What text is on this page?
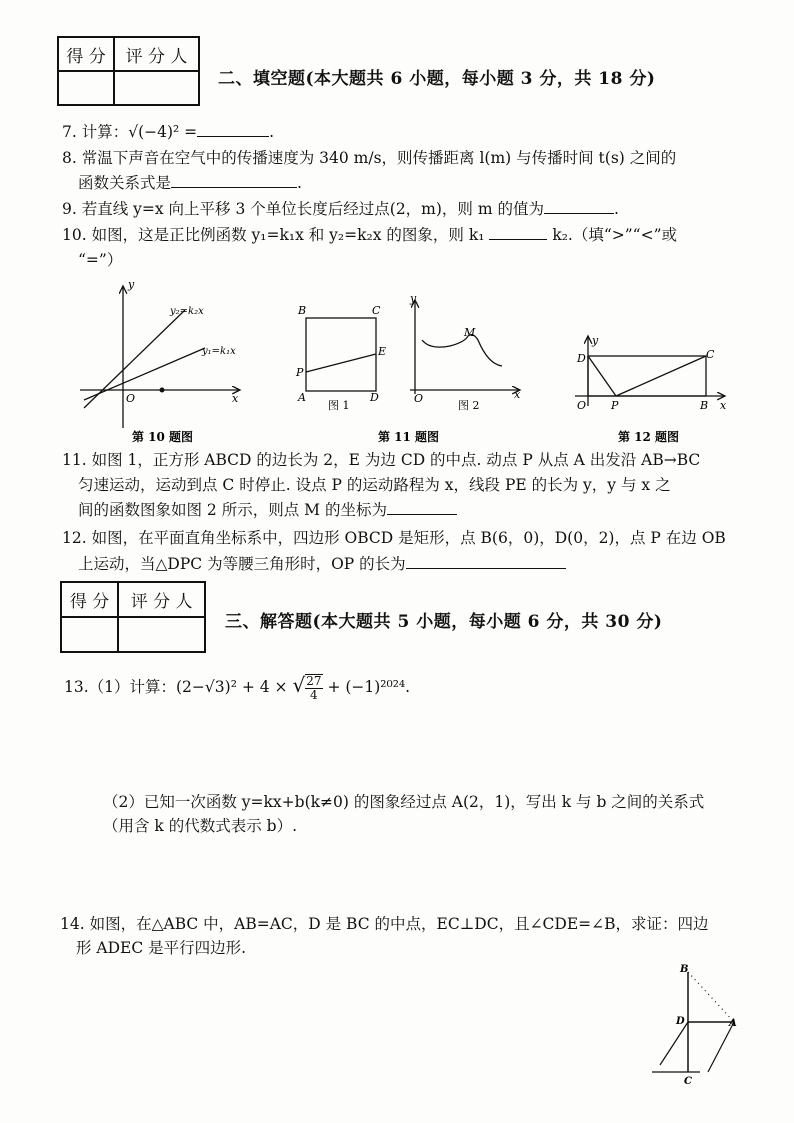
得 分	评 分 人

二、填空题(本大题共 6 小题，每小题 3 分，共 18 分)
7. 计算：√(−4)² =	.
8. 常温下声音在空气中的传播速度为 340 m/s，则传播距离 l(m) 与传播时间 t(s) 之间的
函数关系式是	.
9. 若直线 y=x 向上平移 3 个单位长度后经过点(2，m)，则 m 的值为	.
10. 如图，这是正比例函数 y₁=k₁x 和 y₂=k₂x 的图象，则 k₁	k₂.（填“>”“<”或
“=”）
y
x
O
y₂=k₂x
y₁=k₁x
第 10 题图
B	C
A	D
E
P
图 1
y
x
O
M
图 2
第 11 题图
y
D	C
O P	B x
第 12 题图
11. 如图 1，正方形 ABCD 的边长为 2，E 为边 CD 的中点. 动点 P 从点 A 出发沿 AB→BC
匀速运动，运动到点 C 时停止. 设点 P 的运动路程为 x，线段 PE 的长为 y，y 与 x 之
间的函数图象如图 2 所示，则点 M 的坐标为
12. 如图，在平面直角坐标系中，四边形 OBCD 是矩形，点 B(6，0)，D(0，2)，点 P 在边 OB
上运动，当△DPC 为等腰三角形时，OP 的长为
得 分	评 分 人

三、解答题(本大题共 5 小题，每小题 6 分，共 30 分)
13.（1）计算：(2−√3)² + 4 × √ $\frac{27}{4} + (-1)^{2024}$.
（2）已知一次函数 y=kx+b(k≠0) 的图象经过点 A(2，1)，写出 k 与 b 之间的关系式
（用含 k 的代数式表示 b）.
14. 如图，在△ABC 中，AB=AC，D 是 BC 的中点，EC⊥DC，且∠CDE=∠B，求证：四边
形 ADEC 是平行四边形.
B
D	A
C
